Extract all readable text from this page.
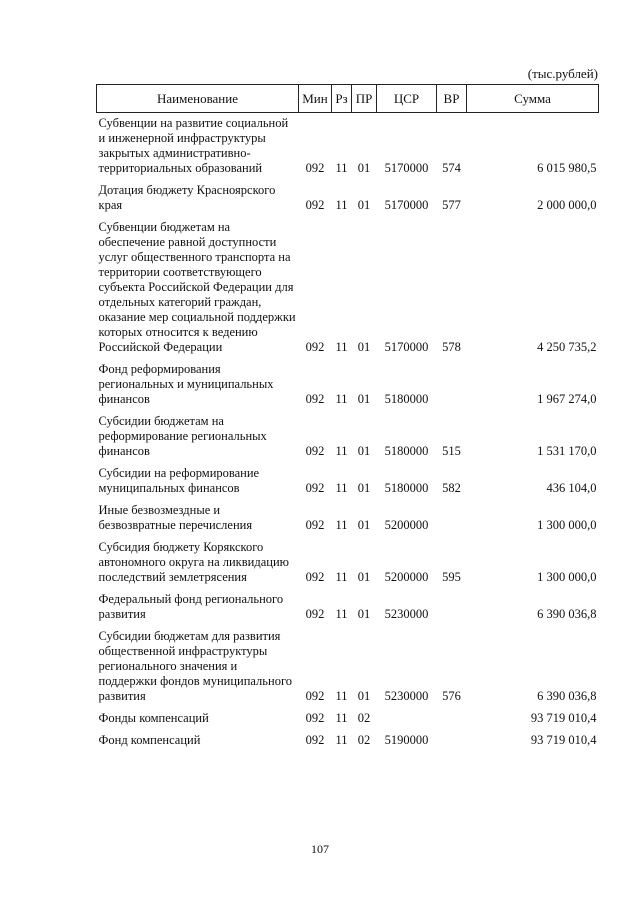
(тыс.рублей)
Наименование	Мин	Рз	ПР	ЦСР	ВР	Сумма
Субвенции на развитие социальной и инженерной инфраструктуры закрытых административно-территориальных образований	092	11	01	5170000	574	6 015 980,5
Дотация бюджету Красноярского края	092	11	01	5170000	577	2 000 000,0
Субвенции бюджетам на обеспечение равной доступности услуг общественного транспорта на территории соответствующего субъекта Российской Федерации для отдельных категорий граждан, оказание мер социальной поддержки которых относится к ведению Российской Федерации	092	11	01	5170000	578	4 250 735,2
Фонд реформирования региональных и муниципальных финансов	092	11	01	5180000		1 967 274,0
Субсидии бюджетам на реформирование региональных финансов	092	11	01	5180000	515	1 531 170,0
Субсидии на реформирование муниципальных финансов	092	11	01	5180000	582	436 104,0
Иные безвозмездные и безвозвратные перечисления	092	11	01	5200000		1 300 000,0
Субсидия бюджету Корякского автономного округа на ликвидацию последствий землетрясения	092	11	01	5200000	595	1 300 000,0
Федеральный фонд регионального развития	092	11	01	5230000		6 390 036,8
Субсидии бюджетам для развития общественной инфраструктуры регионального значения и поддержки фондов муниципального развития	092	11	01	5230000	576	6 390 036,8
Фонды компенсаций	092	11	02			93 719 010,4
Фонд компенсаций	092	11	02	5190000		93 719 010,4
107
